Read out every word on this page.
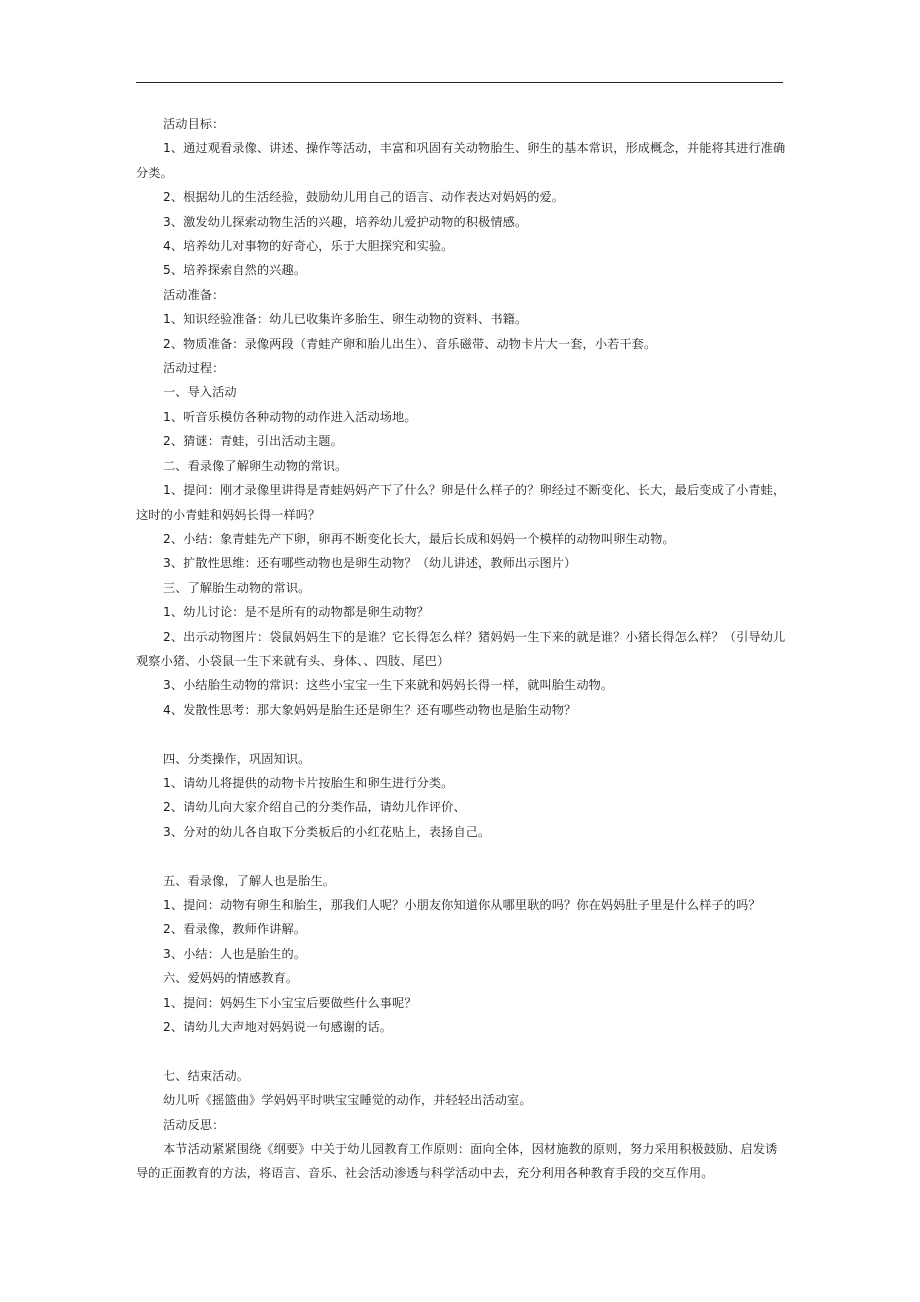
活动目标：

1、通过观看录像、讲述、操作等活动，丰富和巩固有关动物胎生、卵生的基本常识，形成概念，并能将其进行准确分类。

2、根据幼儿的生活经验，鼓励幼儿用自己的语言、动作表达对妈妈的爱。

3、激发幼儿探索动物生活的兴趣，培养幼儿爱护动物的积极情感。

4、培养幼儿对事物的好奇心，乐于大胆探究和实验。

5、培养探索自然的兴趣。

活动准备：

1、知识经验准备：幼儿已收集许多胎生、卵生动物的资料、书籍。

2、物质准备：录像两段（青蛙产卵和胎儿出生）、音乐磁带、动物卡片大一套，小若干套。

活动过程：

一、导入活动

1、听音乐模仿各种动物的动作进入活动场地。

2、猜谜：青蛙，引出活动主题。

二、看录像了解卵生动物的常识。

1、提问：刚才录像里讲得是青蛙妈妈产下了什么？卵是什么样子的？卵经过不断变化、长大，最后变成了小青蛙，这时的小青蛙和妈妈长得一样吗？

2、小结：象青蛙先产下卵，卵再不断变化长大，最后长成和妈妈一个模样的动物叫卵生动物。

3、扩散性思维：还有哪些动物也是卵生动物？（幼儿讲述，教师出示图片）

三、了解胎生动物的常识。

1、幼儿讨论：是不是所有的动物都是卵生动物？

2、出示动物图片：袋鼠妈妈生下的是谁？它长得怎么样？猪妈妈一生下来的就是谁？小猪长得怎么样？（引导幼儿观察小猪、小袋鼠一生下来就有头、身体、、四肢、尾巴）

3、小结胎生动物的常识：这些小宝宝一生下来就和妈妈长得一样，就叫胎生动物。

4、发散性思考：那大象妈妈是胎生还是卵生？还有哪些动物也是胎生动物？

四、分类操作，巩固知识。

1、请幼儿将提供的动物卡片按胎生和卵生进行分类。

2、请幼儿向大家介绍自己的分类作品，请幼儿作评价、

3、分对的幼儿各自取下分类板后的小红花贴上，表扬自己。

五、看录像，了解人也是胎生。

1、提问：动物有卵生和胎生，那我们人呢？小朋友你知道你从哪里耿的吗？你在妈妈肚子里是什么样子的吗？

2、看录像，教师作讲解。

3、小结：人也是胎生的。

六、爱妈妈的情感教育。

1、提问：妈妈生下小宝宝后要做些什么事呢？

2、请幼儿大声地对妈妈说一句感谢的话。

七、结束活动。

幼儿听《摇篮曲》学妈妈平时哄宝宝睡觉的动作，并轻轻出活动室。

活动反思：

本节活动紧紧围绕《纲要》中关于幼儿园教育工作原则：面向全体，因材施教的原则，努力采用积极鼓励、启发诱导的正面教育的方法，将语言、音乐、社会活动渗透与科学活动中去，充分利用各种教育手段的交互作用。
